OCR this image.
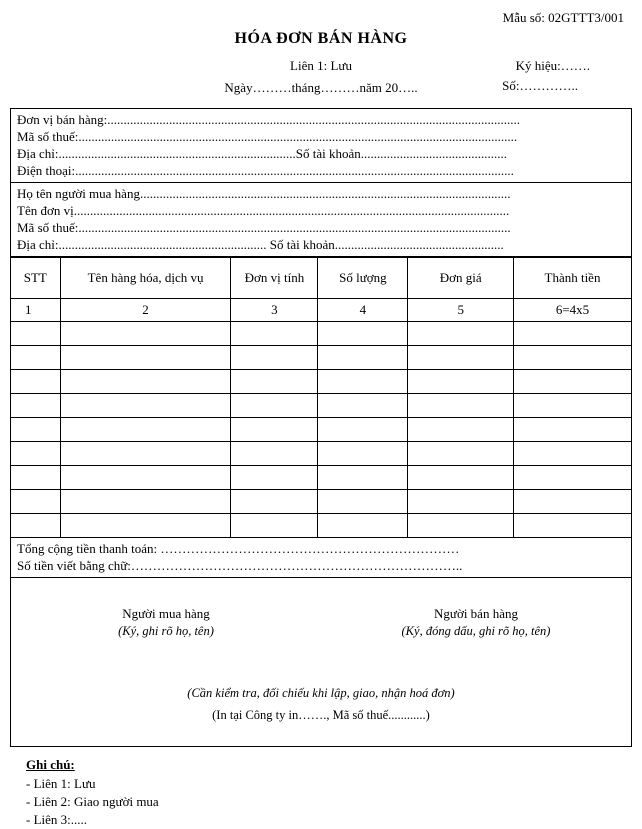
Mẫu số: 02GTTT3/001
HÓA ĐƠN BÁN HÀNG
Ký hiệu:…….
Số:…………..
Liên 1: Lưu
Ngày………tháng………năm 20…..
Đơn vị bán hàng:...............................................................................................................................
Mã số thuế:.......................................................................................................................................
Địa chỉ:.........................................................................Số tài khoản.............................................
Điện thoại:.......................................................................................................................................
Họ tên người mua hàng..................................................................................................................
Tên đơn vị......................................................................................................................................
Mã số thuế:.....................................................................................................................................
Địa chỉ:................................................................ Số tài khoản....................................................
STT	Tên hàng hóa, dịch vụ	Đơn vị tính	Số lượng	Đơn giá	Thành tiền
1	2	3	4	5	6=4x5

Tổng cộng tiền thanh toán: ……………………………………………………………
Số tiền viết bằng chữ:…………………………………………………………………..
Người mua hàng
(Ký, ghi rõ họ, tên)
Người bán hàng
(Ký, đóng dấu, ghi rõ họ, tên)
(Cần kiểm tra, đối chiếu khi lập, giao, nhận hoá đơn)
(In tại Công ty in……., Mã số thuế............)
Ghi chú:
- Liên 1: Lưu
- Liên 2: Giao người mua
- Liên 3:.....
